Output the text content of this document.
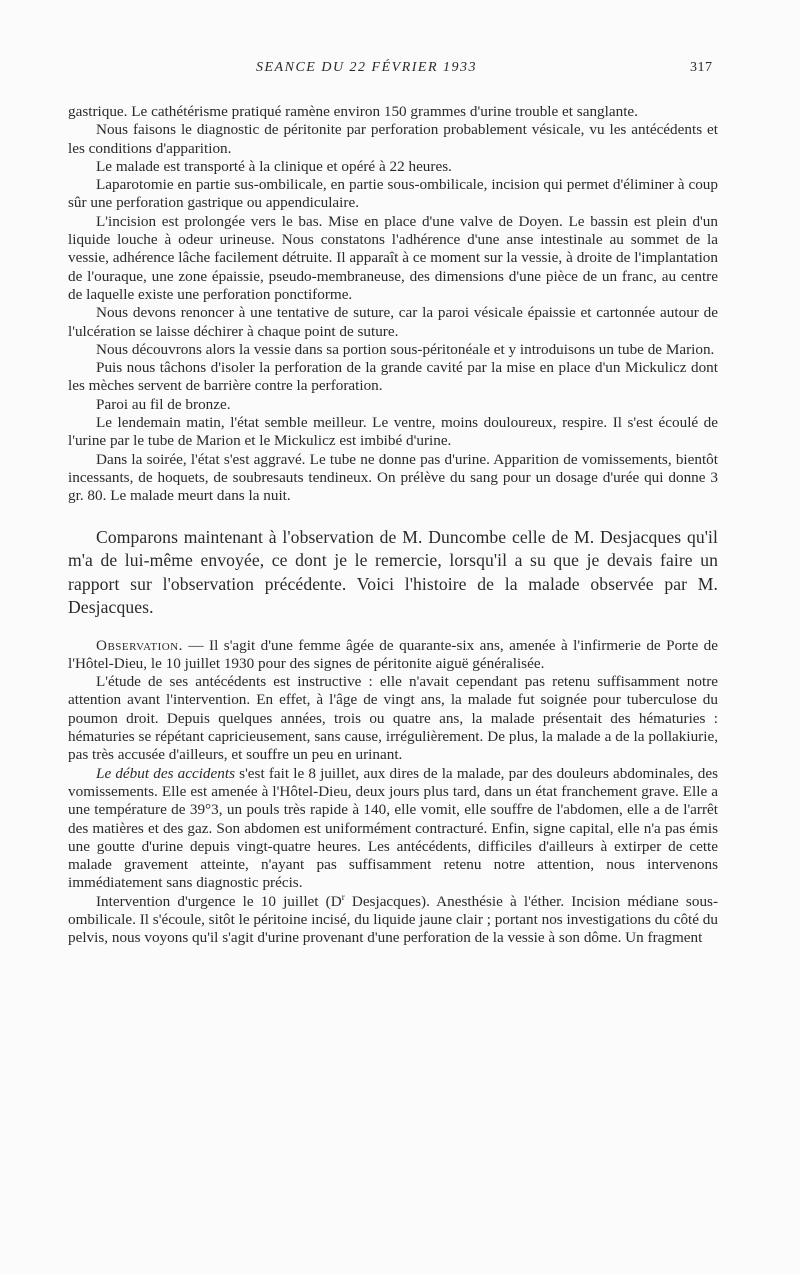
SEANCE DU 22 FÉVRIER 1933	317

gastrique. Le cathétérisme pratiqué ramène environ 150 grammes d'urine trouble et sanglante.

Nous faisons le diagnostic de péritonite par perforation probablement vésicale, vu les antécédents et les conditions d'apparition.

Le malade est transporté à la clinique et opéré à 22 heures.

Laparotomie en partie sus-ombilicale, en partie sous-ombilicale, incision qui permet d'éliminer à coup sûr une perforation gastrique ou appendiculaire.

L'incision est prolongée vers le bas. Mise en place d'une valve de Doyen. Le bassin est plein d'un liquide louche à odeur urineuse. Nous constatons l'adhérence d'une anse intestinale au sommet de la vessie, adhérence lâche facilement détruite. Il apparaît à ce moment sur la vessie, à droite de l'implantation de l'ouraque, une zone épaissie, pseudo-membraneuse, des dimensions d'une pièce de un franc, au centre de laquelle existe une perforation ponctiforme.

Nous devons renoncer à une tentative de suture, car la paroi vésicale épaissie et cartonnée autour de l'ulcération se laisse déchirer à chaque point de suture.

Nous découvrons alors la vessie dans sa portion sous-péritonéale et y introduisons un tube de Marion.

Puis nous tâchons d'isoler la perforation de la grande cavité par la mise en place d'un Mickulicz dont les mèches servent de barrière contre la perforation.

Paroi au fil de bronze.

Le lendemain matin, l'état semble meilleur. Le ventre, moins douloureux, respire. Il s'est écoulé de l'urine par le tube de Marion et le Mickulicz est imbibé d'urine.

Dans la soirée, l'état s'est aggravé. Le tube ne donne pas d'urine. Apparition de vomissements, bientôt incessants, de hoquets, de soubresauts tendineux. On prélève du sang pour un dosage d'urée qui donne 3 gr. 80. Le malade meurt dans la nuit.

Comparons maintenant à l'observation de M. Duncombe celle de M. Desjacques qu'il m'a de lui-même envoyée, ce dont je le remercie, lorsqu'il a su que je devais faire un rapport sur l'observation précédente. Voici l'histoire de la malade observée par M. Desjacques.

Observation. — Il s'agit d'une femme âgée de quarante-six ans, amenée à l'infirmerie de Porte de l'Hôtel-Dieu, le 10 juillet 1930 pour des signes de péritonite aiguë généralisée.

L'étude de ses antécédents est instructive : elle n'avait cependant pas retenu suffisamment notre attention avant l'intervention. En effet, à l'âge de vingt ans, la malade fut soignée pour tuberculose du poumon droit. Depuis quelques années, trois ou quatre ans, la malade présentait des hématuries : hématuries se répétant capricieusement, sans cause, irrégulièrement. De plus, la malade a de la pollakiurie, pas très accusée d'ailleurs, et souffre un peu en urinant.

Le début des accidents s'est fait le 8 juillet, aux dires de la malade, par des douleurs abdominales, des vomissements. Elle est amenée à l'Hôtel-Dieu, deux jours plus tard, dans un état franchement grave. Elle a une température de 39°3, un pouls très rapide à 140, elle vomit, elle souffre de l'abdomen, elle a de l'arrêt des matières et des gaz. Son abdomen est uniformément contracturé. Enfin, signe capital, elle n'a pas émis une goutte d'urine depuis vingt-quatre heures. Les antécédents, difficiles d'ailleurs à extirper de cette malade gravement atteinte, n'ayant pas suffisamment retenu notre attention, nous intervenons immédiatement sans diagnostic précis.

Intervention d'urgence le 10 juillet ($D^r$ Desjacques). Anesthésie à l'éther. Incision médiane sous-ombilicale. Il s'écoule, sitôt le péritoine incisé, du liquide jaune clair ; portant nos investigations du côté du pelvis, nous voyons qu'il s'agit d'urine provenant d'une perforation de la vessie à son dôme. Un fragment
